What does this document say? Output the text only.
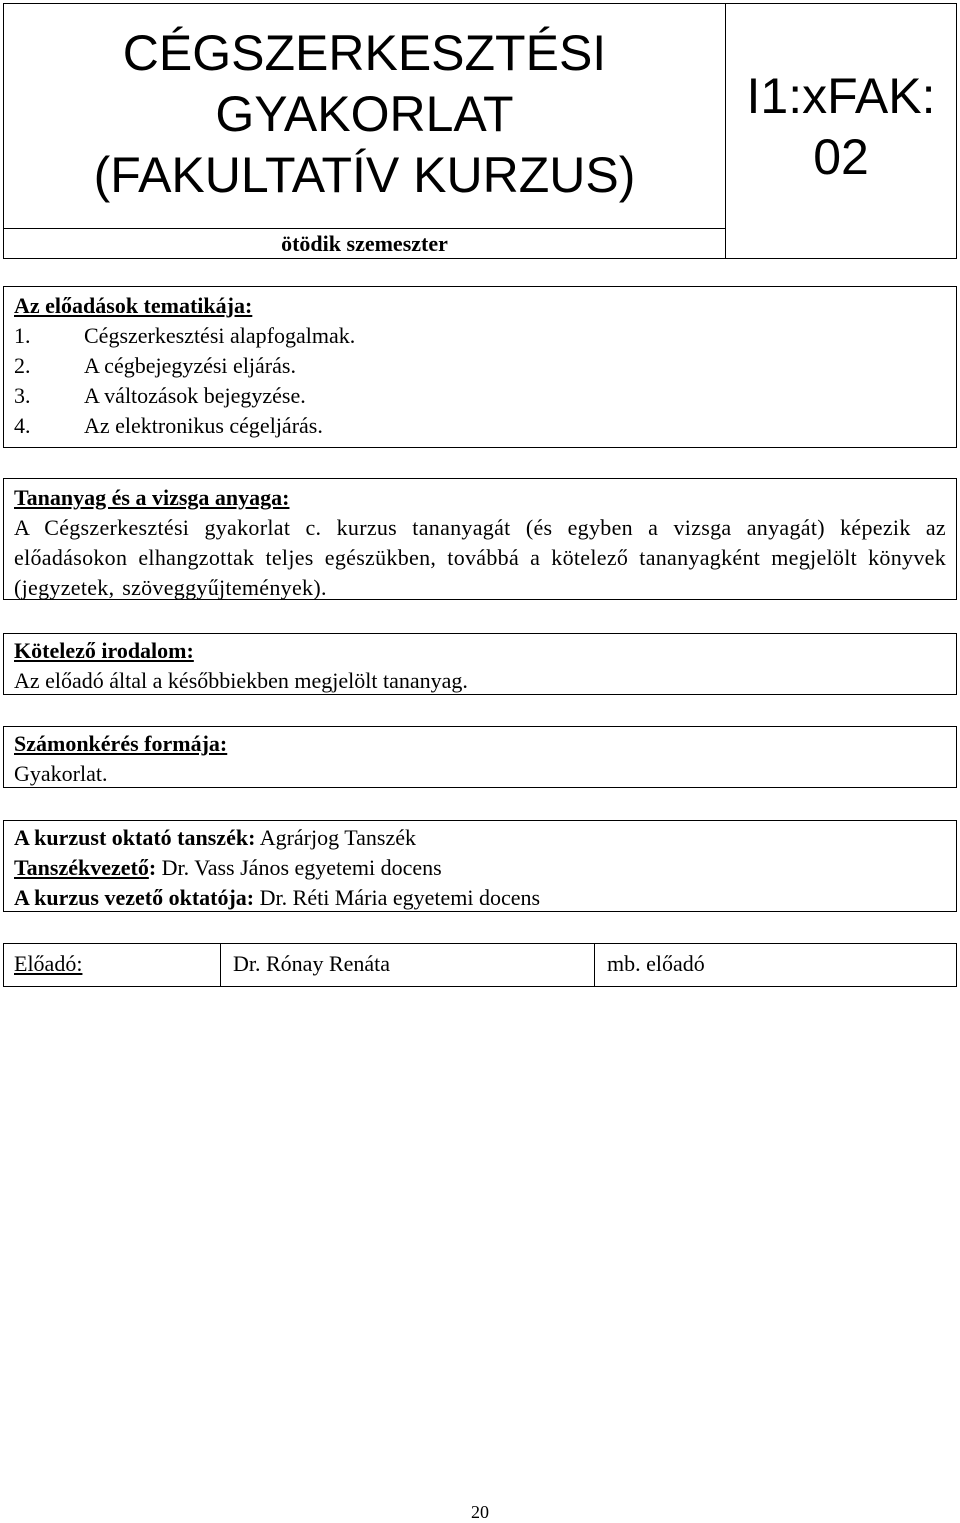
CÉGSZERKESZTÉSI
GYAKORLAT
(FAKULTATÍV KURZUS)
ötödik szemeszter
I1:xFAK:
02
Az előadások tematikája:
1.	Cégszerkesztési alapfogalmak.
2.	A cégbejegyzési eljárás.
3.	A változások bejegyzése.
4.	Az elektronikus cégeljárás.
Tananyag és a vizsga anyaga:
A Cégszerkesztési gyakorlat c. kurzus tananyagát (és egyben a vizsga anyagát) képezik az előadásokon elhangzottak teljes egészükben, továbbá a kötelező tananyagként megjelölt könyvek (jegyzetek, szöveggyűjtemények).
Kötelező irodalom:
Az előadó által a későbbiekben megjelölt tananyag.
Számonkérés formája:
Gyakorlat.
A kurzust oktató tanszék: Agrárjog Tanszék
Tanszékvezető: Dr. Vass János egyetemi docens
A kurzus vezető oktatója: Dr. Réti Mária egyetemi docens
Előadó:	Dr. Rónay Renáta	mb. előadó
20
